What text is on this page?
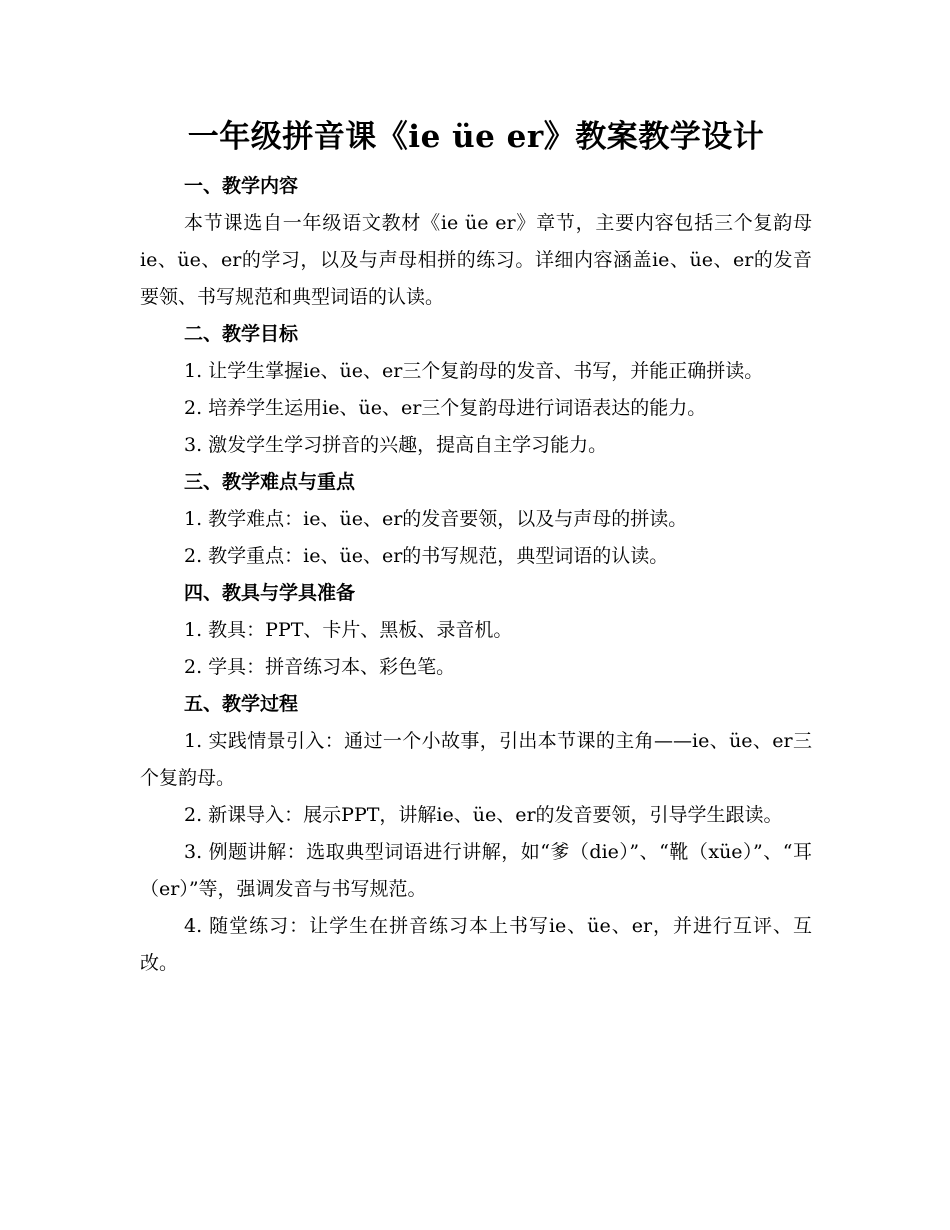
一年级拼音课《ie üe er》教案教学设计
一、教学内容

本节课选自一年级语文教材《ie üe er》章节，主要内容包括三个复韵母ie、üe、er的学习，以及与声母相拼的练习。详细内容涵盖ie、üe、er的发音要领、书写规范和典型词语的认读。

二、教学目标

1. 让学生掌握ie、üe、er三个复韵母的发音、书写，并能正确拼读。

2. 培养学生运用ie、üe、er三个复韵母进行词语表达的能力。

3. 激发学生学习拼音的兴趣，提高自主学习能力。

三、教学难点与重点

1. 教学难点：ie、üe、er的发音要领，以及与声母的拼读。

2. 教学重点：ie、üe、er的书写规范，典型词语的认读。

四、教具与学具准备

1. 教具：PPT、卡片、黑板、录音机。

2. 学具：拼音练习本、彩色笔。

五、教学过程

1. 实践情景引入：通过一个小故事，引出本节课的主角——ie、üe、er三个复韵母。

2. 新课导入：展示PPT，讲解ie、üe、er的发音要领，引导学生跟读。

3. 例题讲解：选取典型词语进行讲解，如“爹（die）”、“靴（xüe）”、“耳（er）”等，强调发音与书写规范。

4. 随堂练习：让学生在拼音练习本上书写ie、üe、er，并进行互评、互改。
